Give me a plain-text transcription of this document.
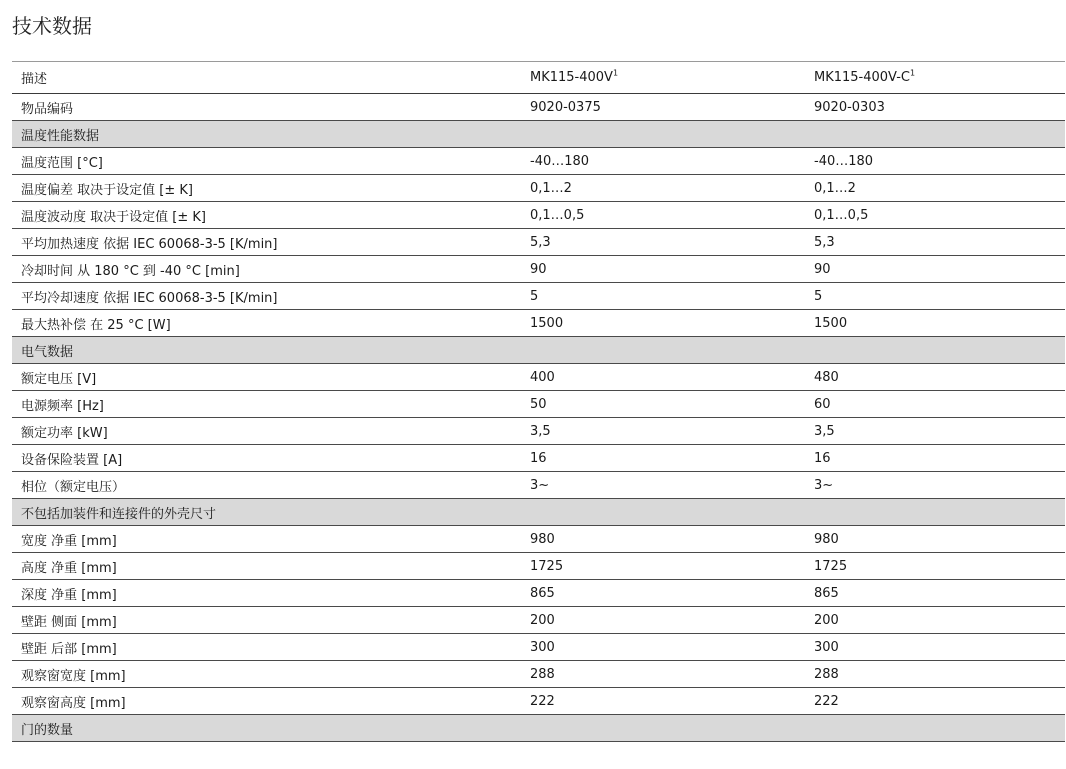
技术数据
描述	$MK115-400V^1$	$MK115-400V-C^1$
物品编码	9020-0375	9020-0303
温度性能数据		
温度范围 [°C]	-40…180	-40…180
温度偏差 取决于设定值 [± K]	0,1…2	0,1…2
温度波动度 取决于设定值 [± K]	0,1…0,5	0,1…0,5
平均加热速度 依据 IEC 60068-3-5 [K/min]	5,3	5,3
冷却时间 从 180 °C 到 -40 °C [min]	90	90
平均冷却速度 依据 IEC 60068-3-5 [K/min]	5	5
最大热补偿 在 25 °C [W]	1500	1500
电气数据		
额定电压 [V]	400	480
电源频率 [Hz]	50	60
额定功率 [kW]	3,5	3,5
设备保险装置 [A]	16	16
相位（额定电压）	3~	3~
不包括加装件和连接件的外壳尺寸		
宽度 净重 [mm]	980	980
高度 净重 [mm]	1725	1725
深度 净重 [mm]	865	865
壁距 侧面 [mm]	200	200
壁距 后部 [mm]	300	300
观察窗宽度 [mm]	288	288
观察窗高度 [mm]	222	222
门的数量		
